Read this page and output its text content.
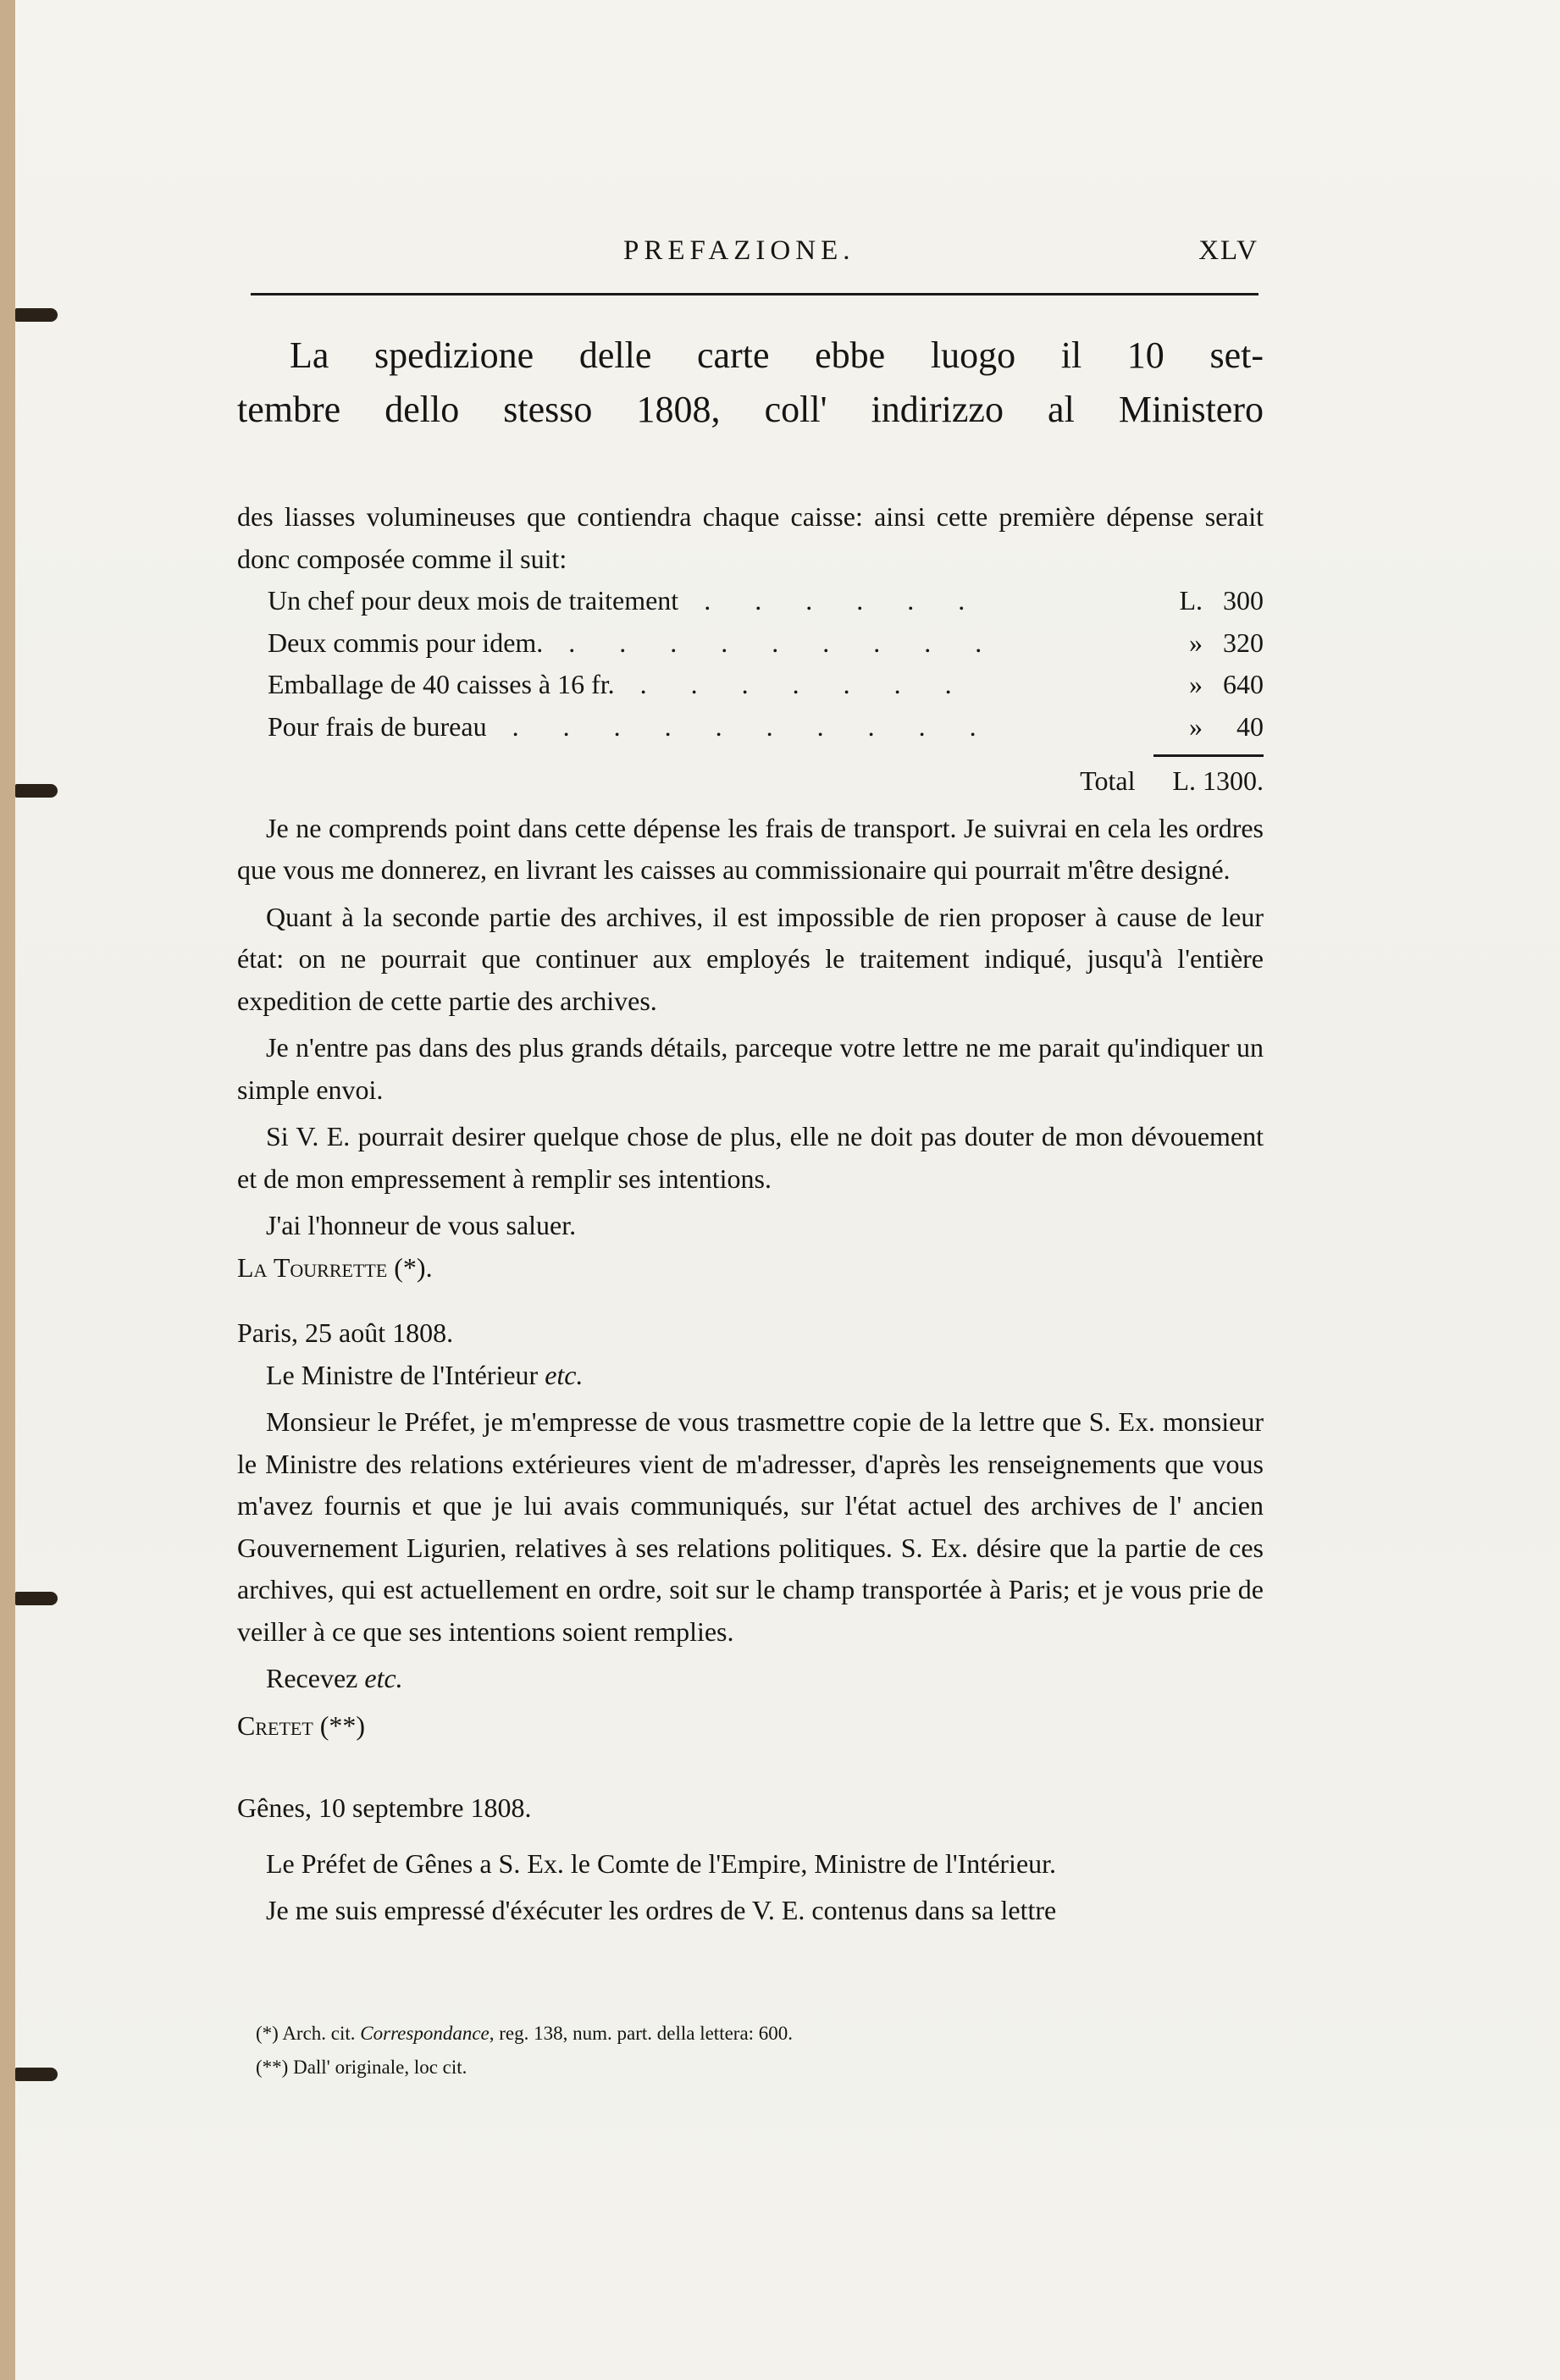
PREFAZIONE.	XLV

La spedizione delle carte ebbe luogo il 10 set-

tembre dello stesso 1808, coll' indirizzo al Ministero

des liasses volumineuses que contiendra chaque caisse: ainsi cette première dépense serait donc composée comme il suit:

Un chef pour deux mois de traitement . . . . . .	L. 300
Deux commis pour idem. . . . . . . . . .	» 320
Emballage de 40 caisses à 16 fr. . . . . . . .	» 640
Pour frais de bureau . . . . . . . . . .	»	40
Total L. 1300.

Je ne comprends point dans cette dépense les frais de transport. Je suivrai en cela les ordres que vous me donnerez, en livrant les caisses au commissionaire qui pourrait m'être designé.

Quant à la seconde partie des archives, il est impossible de rien proposer à cause de leur état: on ne pourrait que continuer aux employés le traitement indiqué, jusqu'à l'entière expedition de cette partie des archives.

Je n'entre pas dans des plus grands détails, parceque votre lettre ne me parait qu'indiquer un simple envoi.

Si V. E. pourrait desirer quelque chose de plus, elle ne doit pas douter de mon dévouement et de mon empressement à remplir ses intentions.

J'ai l'honneur de vous saluer.

La Tourrette (*).

Paris, 25 août 1808.

Le Ministre de l'Intérieur etc.

Monsieur le Préfet, je m'empresse de vous trasmettre copie de la lettre que S. Ex. monsieur le Ministre des relations extérieures vient de m'adresser, d'après les renseignements que vous m'avez fournis et que je lui avais communiqués, sur l'état actuel des archives de l' ancien Gouvernement Ligurien, relatives à ses relations politiques. S. Ex. désire que la partie de ces archives, qui est actuellement en ordre, soit sur le champ transportée à Paris; et je vous prie de veiller à ce que ses intentions soient remplies.

Recevez etc.

Cretet (**)

Gênes, 10 septembre 1808.

Le Préfet de Gênes a S. Ex. le Comte de l'Empire, Ministre de l'Intérieur.

Je me suis empressé d'éxécuter les ordres de V. E. contenus dans sa lettre

(*) Arch. cit. Correspondance, reg. 138, num. part. della lettera: 600.
(**) Dall' originale, loc cit.
